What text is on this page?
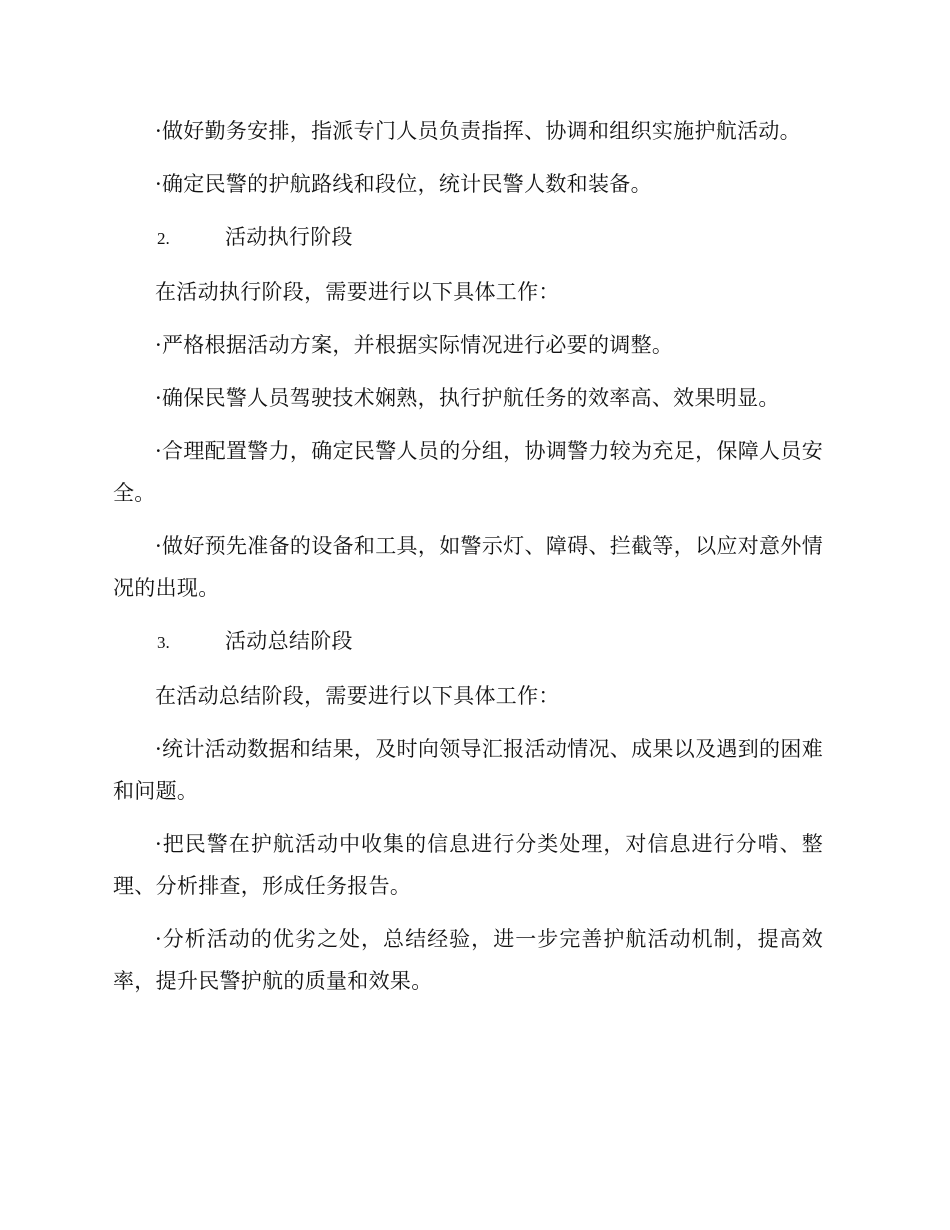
·做好勤务安排，指派专门人员负责指挥、协调和组织实施护航活动。

·确定民警的护航路线和段位，统计民警人数和装备。

2.	活动执行阶段

在活动执行阶段，需要进行以下具体工作：

·严格根据活动方案，并根据实际情况进行必要的调整。

·确保民警人员驾驶技术娴熟，执行护航任务的效率高、效果明显。

·合理配置警力，确定民警人员的分组，协调警力较为充足，保障人员安全。

·做好预先准备的设备和工具，如警示灯、障碍、拦截等，以应对意外情况的出现。

3.	活动总结阶段

在活动总结阶段，需要进行以下具体工作：

·统计活动数据和结果，及时向领导汇报活动情况、成果以及遇到的困难和问题。

·把民警在护航活动中收集的信息进行分类处理，对信息进行分啃、整理、分析排查，形成任务报告。

·分析活动的优劣之处，总结经验，进一步完善护航活动机制，提高效率，提升民警护航的质量和效果。
